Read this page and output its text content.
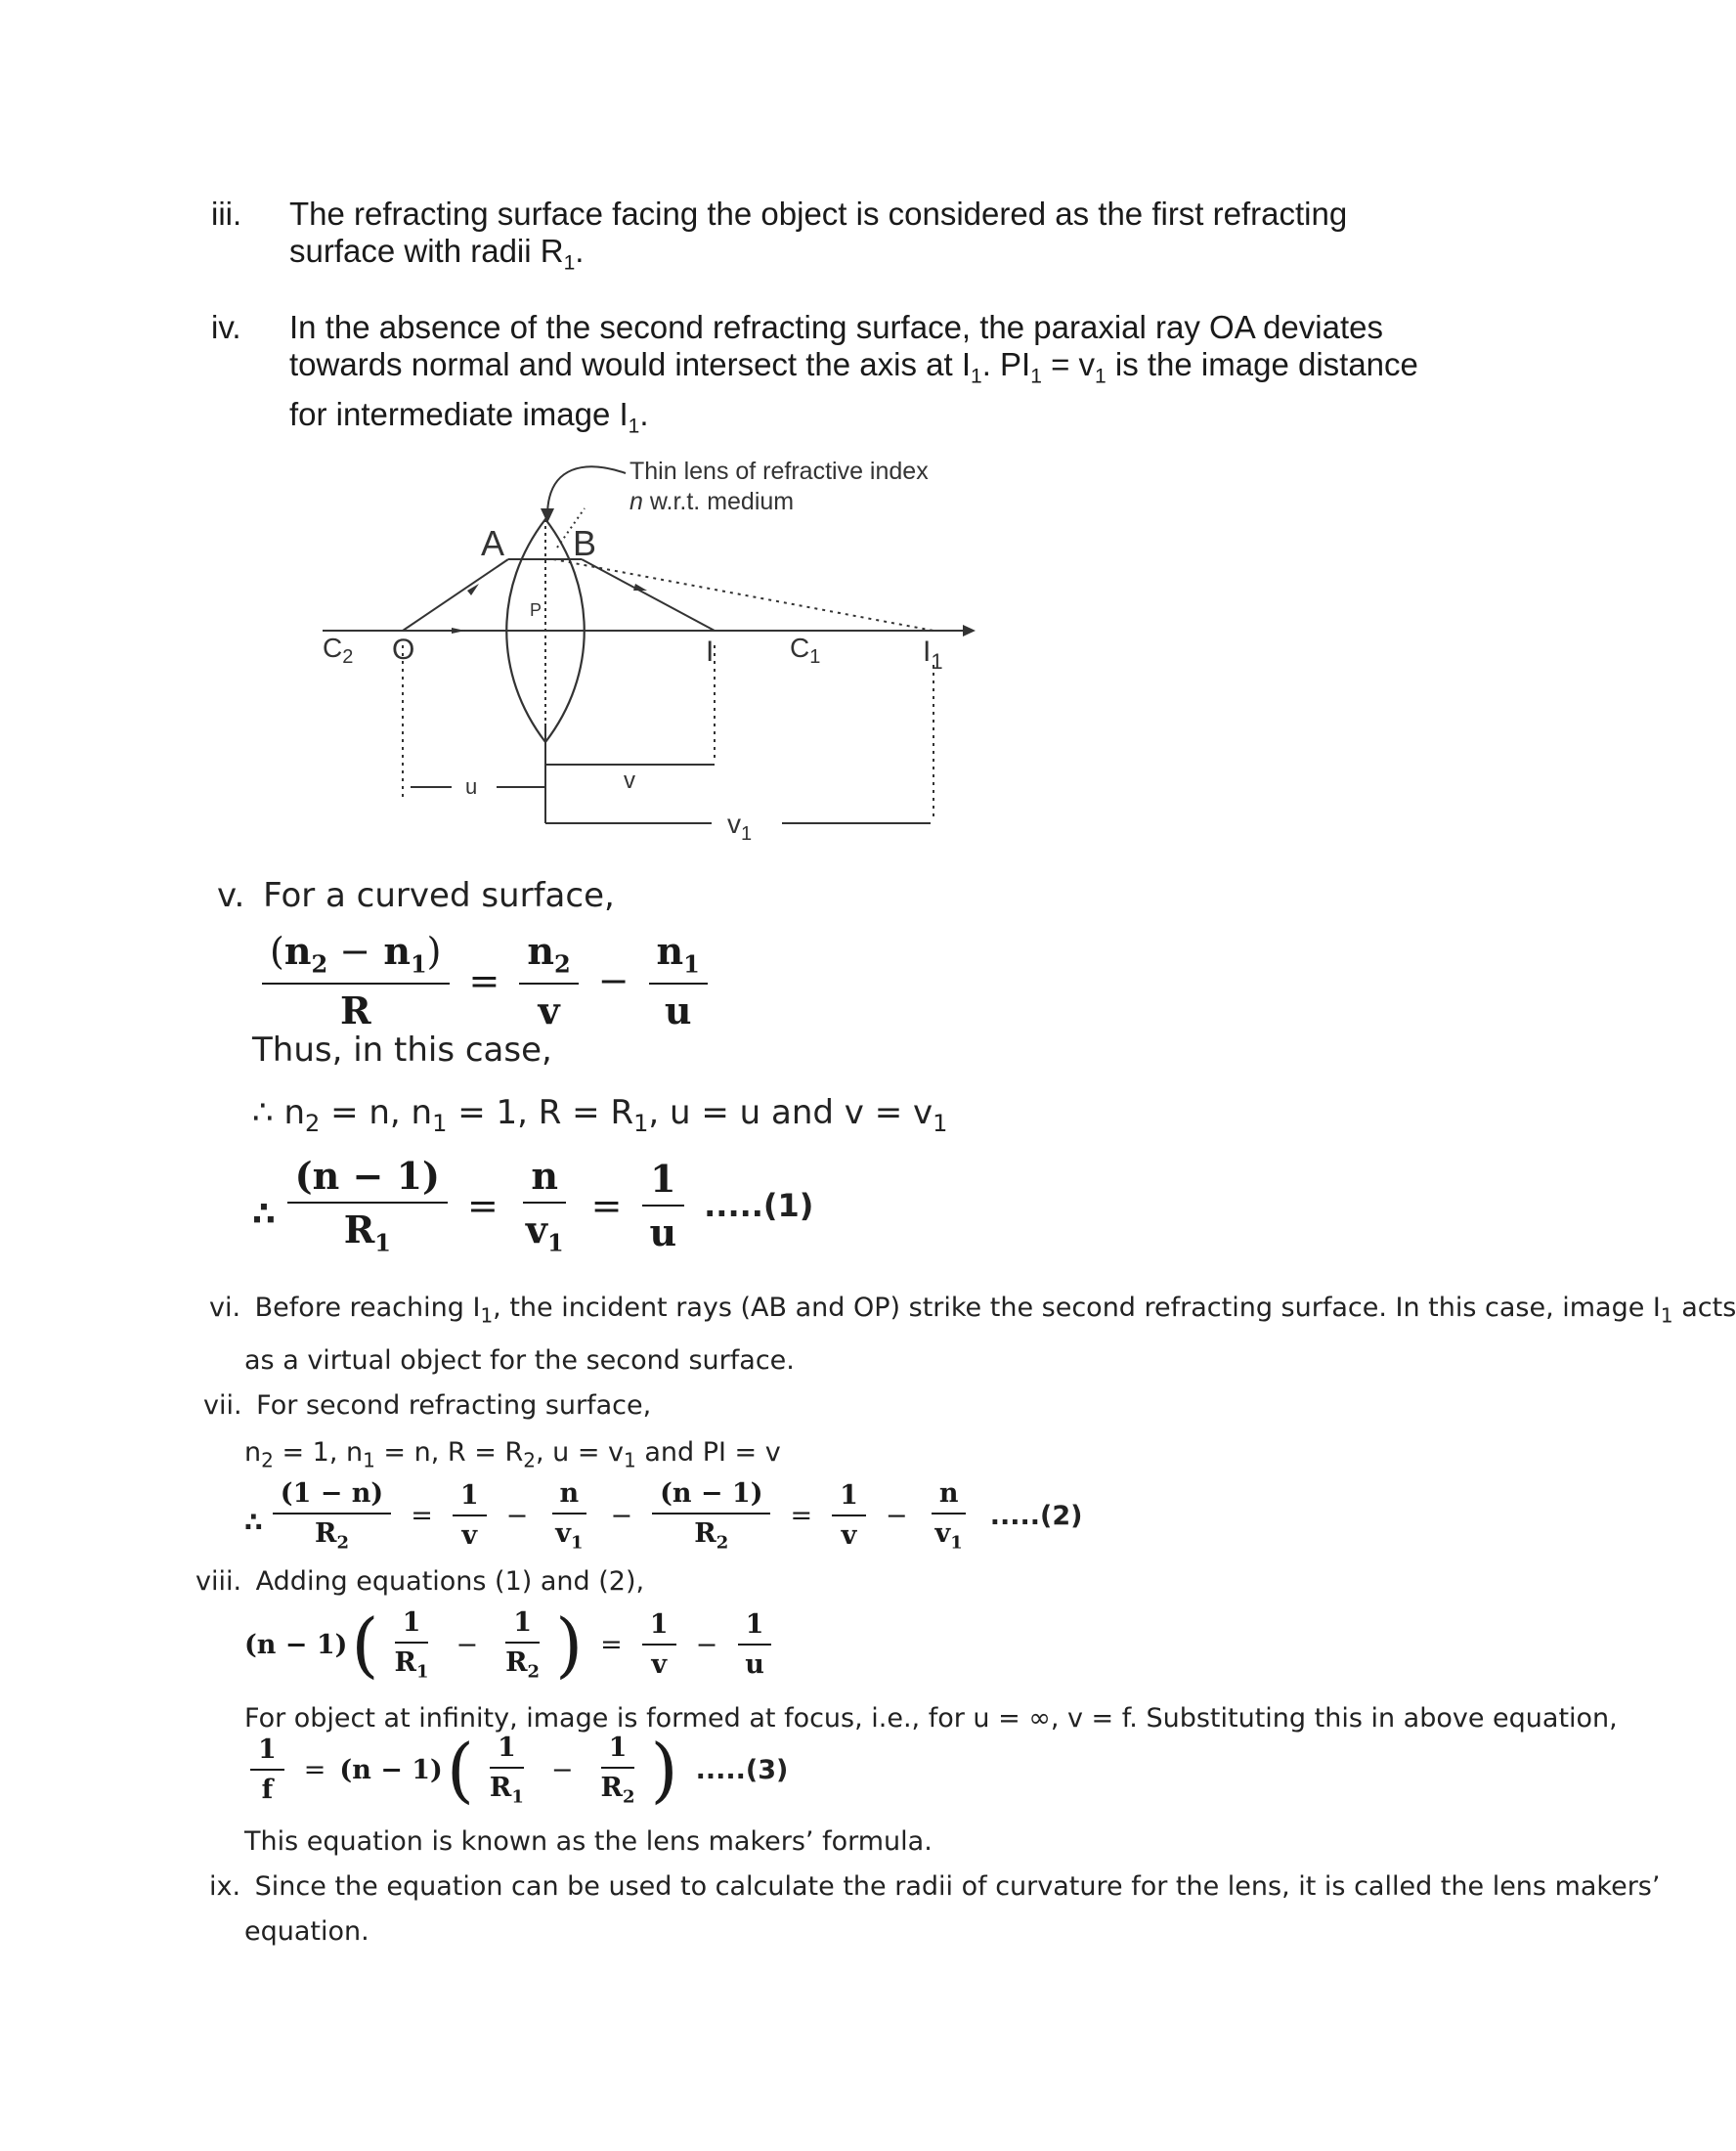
iii. The refracting surface facing the object is considered as the first refracting
surface with radii $R_1$.
iv. In the absence of the second refracting surface, the paraxial ray OA deviates
towards normal and would intersect the axis at $I_1$. $PI_1 = v_1$ is the image distance
for intermediate image $I_1$.
Thin lens of refractive index
n w.r.t. medium
A B
P
$C_2$ O	I	$C_1$	$I_1$
u	v
$v_1$
v. For a curved surface,
$\frac{(n_2 - n_1)}{R} = \frac{n_2}{v} - \frac{n_1}{u}$
Thus, in this case,
∴ $n_2 = n$, $n_1 = 1$, $R = R_1$, u = u and $v = v_1$
∴ $\frac{(n - 1)}{R_1} = \frac{n}{v_1} = \frac{1}{u} .....(1)$
vi. Before reaching $I_1$, the incident rays (AB and OP) strike the second refracting surface. In this case, image $I_1$ acts
as a virtual object for the second surface.
vii. For second refracting surface,
$n_2 = 1$, $n_1 = n$, $R = R_2$, $u = v_1$ and PI = v
∴ $\frac{(1 - n)}{R_2} = \frac{1}{v} - \frac{n}{v_1} - \frac{(n - 1)}{R_2} = \frac{1}{v} - \frac{n}{v_1} .....(2)$
viii. Adding equations (1) and (2),
(n − 1) ( $\frac{1}{R_1} - \frac{1}{R_2}$ ) = $\frac{1}{v} - \frac{1}{u}$
For object at infinity, image is formed at focus, i.e., for u = ∞, v = f. Substituting this in above equation,
$\frac{1}{f} = (n - 1)$ ( $\frac{1}{R_1} - \frac{1}{R_2}$ ) .....(3)
This equation is known as the lens makers’ formula.
ix. Since the equation can be used to calculate the radii of curvature for the lens, it is called the lens makers’
equation.
